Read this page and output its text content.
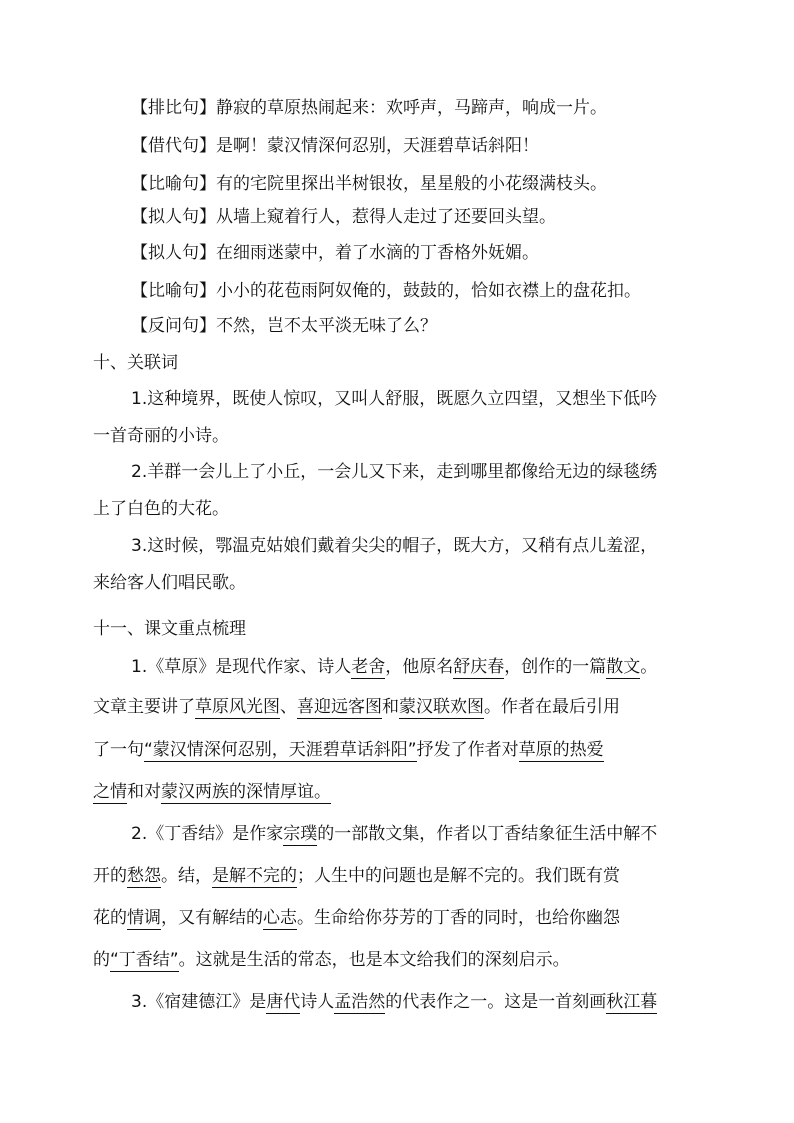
【排比句】静寂的草原热闹起来：欢呼声，马蹄声，响成一片。
【借代句】是啊！蒙汉情深何忍别，天涯碧草话斜阳！
【比喻句】有的宅院里探出半树银妆，星星般的小花缀满枝头。
【拟人句】从墙上窥着行人，惹得人走过了还要回头望。
【拟人句】在细雨迷蒙中，着了水滴的丁香格外妩媚。
【比喻句】小小的花苞雨阿奴俺的，鼓鼓的，恰如衣襟上的盘花扣。
【反问句】不然，岂不太平淡无味了么？
十、关联词
1.这种境界，既使人惊叹，又叫人舒服，既愿久立四望，又想坐下低吟
一首奇丽的小诗。
2.羊群一会儿上了小丘，一会儿又下来，走到哪里都像给无边的绿毯绣
上了白色的大花。
3.这时候，鄂温克姑娘们戴着尖尖的帽子，既大方，又稍有点儿羞涩，
来给客人们唱民歌。
十一、课文重点梳理
1.《草原》是现代作家、诗人老舍，他原名舒庆春，创作的一篇散文。
文章主要讲了草原风光图、喜迎远客图和蒙汉联欢图。作者在最后引用
了一句“蒙汉情深何忍别，天涯碧草话斜阳”抒发了作者对草原的热爱
之情和对蒙汉两族的深情厚谊。
2.《丁香结》是作家宗璞的一部散文集，作者以丁香结象征生活中解不
开的愁怨。结，是解不完的；人生中的问题也是解不完的。我们既有赏
花的情调，又有解结的心志。生命给你芬芳的丁香的同时，也给你幽怨
的“丁香结”。这就是生活的常态，也是本文给我们的深刻启示。
3.《宿建德江》是唐代诗人孟浩然的代表作之一。这是一首刻画秋江暮
